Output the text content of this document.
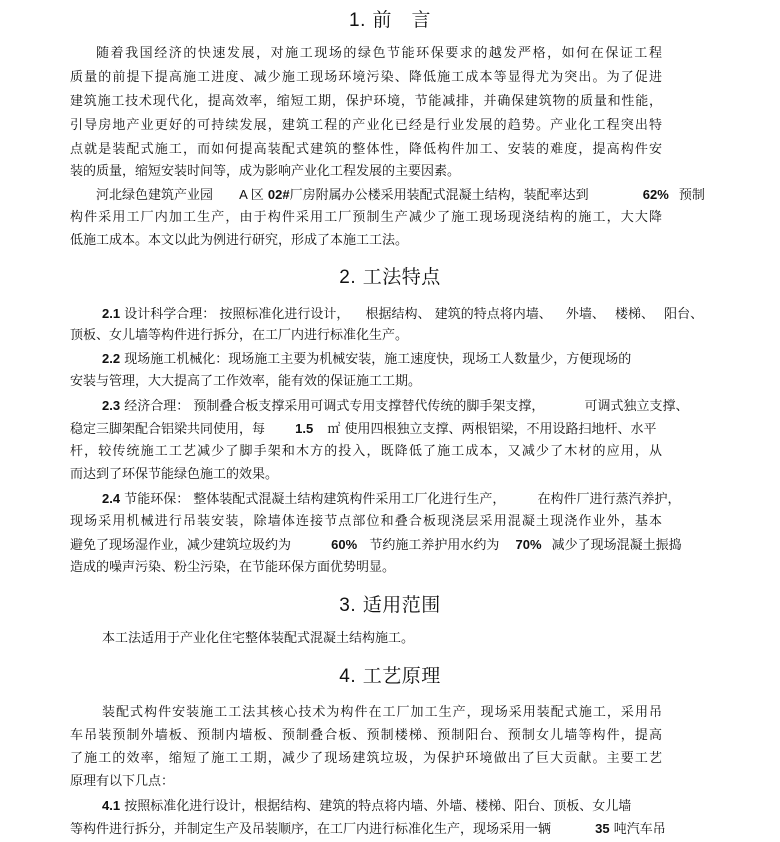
1. 前　言
随着我国经济的快速发展，对施工现场的绿色节能环保要求的越发严格，如何在保证工程
质量的前提下提高施工进度、减少施工现场环境污染、降低施工成本等显得尤为突出。为了促进
建筑施工技术现代化，提高效率，缩短工期，保护环境，节能减排，并确保建筑物的质量和性能，
引导房地产业更好的可持续发展，建筑工程的产业化已经是行业发展的趋势。产业化工程突出特
点就是装配式施工，而如何提高装配式建筑的整体性，降低构件加工、安装的难度，提高构件安
装的质量，缩短安装时间等，成为影响产业化工程发展的主要因素。
河北绿色建筑产业园 A 区 02#厂房附属办公楼采用装配式混凝土结构，装配率达到	62% 预制
构件采用工厂内加工生产，由于构件采用工厂预制生产减少了施工现场现浇结构的施工，大大降
低施工成本。本文以此为例进行研究，形成了本施工工法。
2. 工法特点
2.1 设计科学合理： 按照标准化进行设计， 根据结构、 建筑的特点将内墙、 外墙、 楼梯、 阳台、
顶板、女儿墙等构件进行拆分，在工厂内进行标准化生产。
2.2 现场施工机械化：现场施工主要为机械安装，施工速度快，现场工人数量少，方便现场的
安装与管理，大大提高了工作效率，能有效的保证施工工期。
2.3 经济合理： 预制叠合板支撑采用可调式专用支撑替代传统的脚手架支撑，	可调式独立支撑、
稳定三脚架配合铝梁共同使用，每 1.5 ㎡ 使用四根独立支撑、两根铝梁，不用设路扫地杆、水平
杆，较传统施工工艺减少了脚手架和木方的投入，既降低了施工成本，又减少了木材的应用，从
而达到了环保节能绿色施工的效果。
2.4 节能环保： 整体装配式混凝土结构建筑构件采用工厂化进行生产， 在构件厂进行蒸汽养护，
现场采用机械进行吊装安装，除墙体连接节点部位和叠合板现浇层采用混凝土现浇作业外，基本
避免了现场湿作业，减少建筑垃圾约为	60% 节约施工养护用水约为 70% 减少了现场混凝土振捣
造成的噪声污染、粉尘污染，在节能环保方面优势明显。
3. 适用范围
本工法适用于产业化住宅整体装配式混凝土结构施工。
4. 工艺原理
装配式构件安装施工工法其核心技术为构件在工厂加工生产，现场采用装配式施工，采用吊
车吊装预制外墙板、预制内墙板、预制叠合板、预制楼梯、预制阳台、预制女儿墙等构件，提高
了施工的效率，缩短了施工工期，减少了现场建筑垃圾，为保护环境做出了巨大贡献。主要工艺
原理有以下几点：
4.1 按照标准化进行设计，根据结构、建筑的特点将内墙、外墙、楼梯、阳台、顶板、女儿墙
等构件进行拆分，并制定生产及吊装顺序，在工厂内进行标准化生产，现场采用一辆	35 吨汽车吊
